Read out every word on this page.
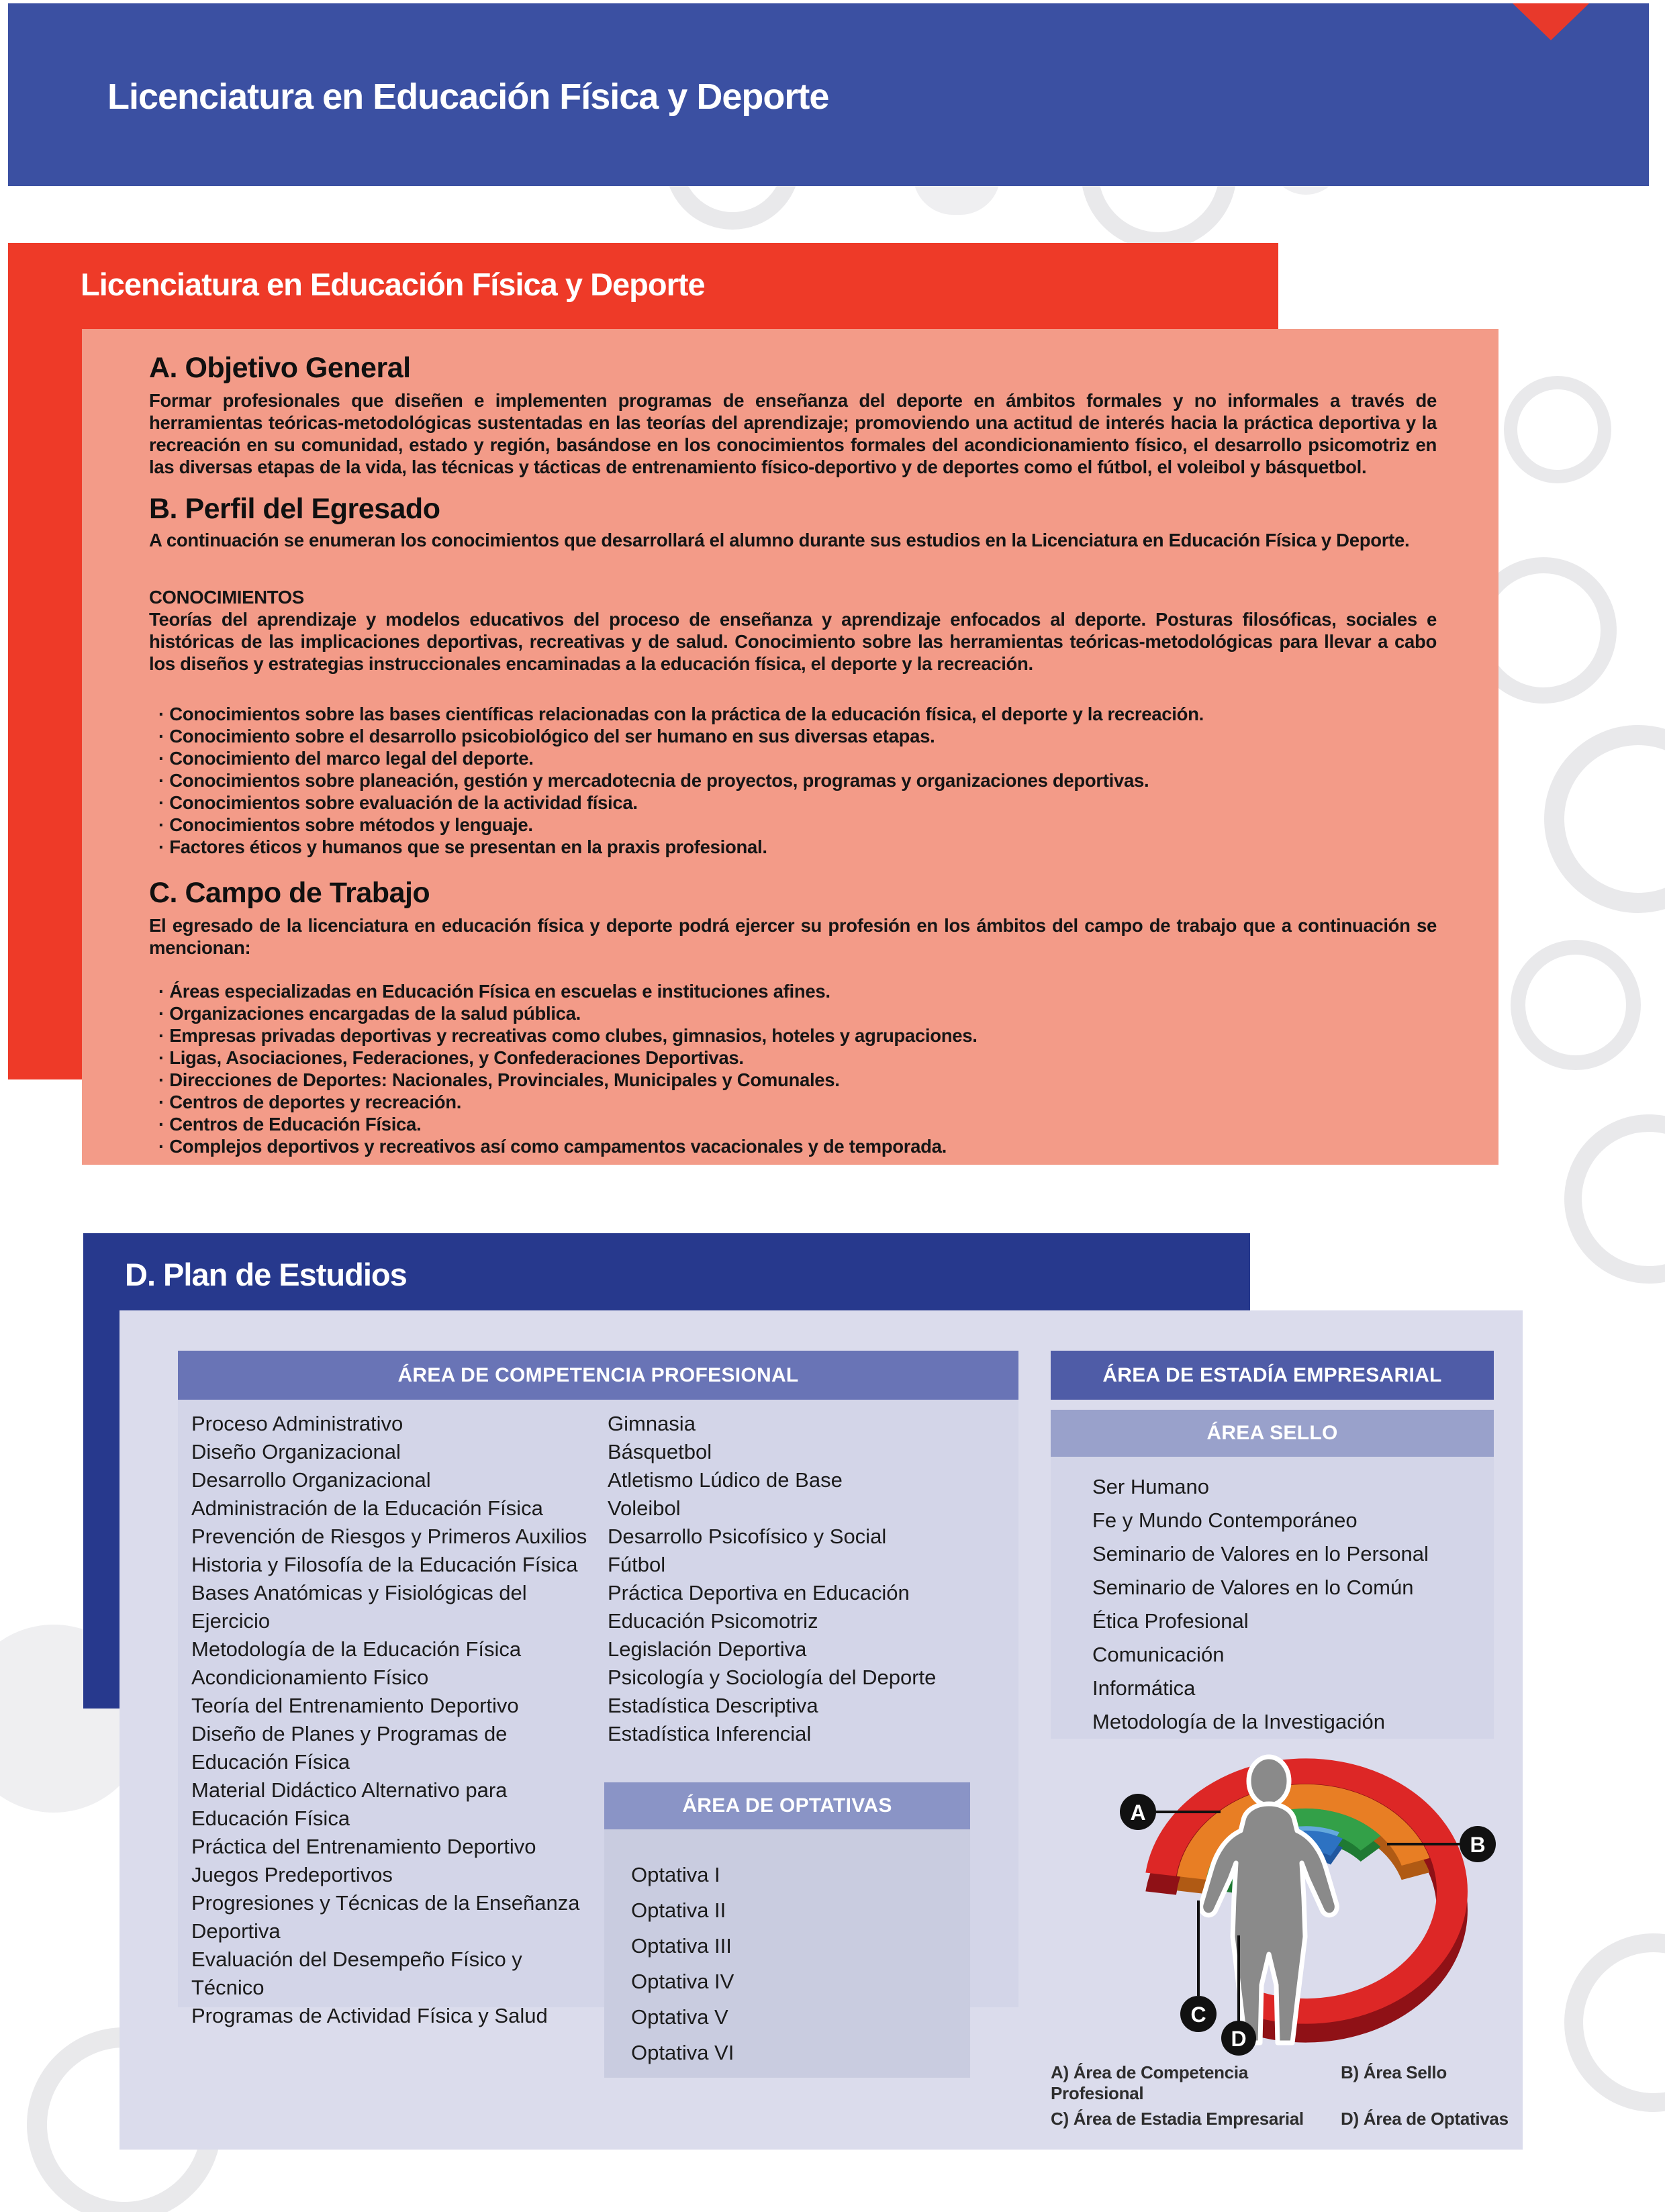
Licenciatura en Educación Física y Deporte
Licenciatura en Educación Física y Deporte
A. Objetivo General
Formar profesionales que diseñen e implementen programas de enseñanza del deporte en ámbitos formales y no informales a través de herramientas teóricas-metodológicas sustentadas en las teorías del aprendizaje; promoviendo una actitud de interés hacia la práctica deportiva y la recreación en su comunidad, estado y región, basándose en los conocimientos formales del acondicionamiento físico, el desarrollo psicomotriz en las diversas etapas de la vida, las técnicas y tácticas de entrenamiento físico-deportivo y de deportes como el fútbol, el voleibol y básquetbol.
B. Perfil del Egresado
A continuación se enumeran los conocimientos que desarrollará el alumno durante sus estudios en la Licenciatura en Educación Física y Deporte.
CONOCIMIENTOS
Teorías del aprendizaje y modelos educativos del proceso de enseñanza y aprendizaje enfocados al deporte. Posturas filosóficas, sociales e históricas de las implicaciones deportivas, recreativas y de salud. Conocimiento sobre las herramientas teóricas-metodológicas para llevar a cabo los diseños y estrategias instruccionales encaminadas a la educación física, el deporte y la recreación.
· Conocimientos sobre las bases científicas relacionadas con la práctica de la educación física, el deporte y la recreación.
· Conocimiento sobre el desarrollo psicobiológico del ser humano en sus diversas etapas.
· Conocimiento del marco legal del deporte.
· Conocimientos sobre planeación, gestión y mercadotecnia de proyectos, programas y organizaciones deportivas.
· Conocimientos sobre evaluación de la actividad física.
· Conocimientos sobre métodos y lenguaje.
· Factores éticos y humanos que se presentan en la praxis profesional.
C. Campo de Trabajo
El egresado de la licenciatura en educación física y deporte podrá ejercer su profesión en los ámbitos del campo de trabajo que a continuación se mencionan:
· Áreas especializadas en Educación Física en escuelas e instituciones afines.
· Organizaciones encargadas de la salud pública.
· Empresas privadas deportivas y recreativas como clubes, gimnasios, hoteles y agrupaciones.
· Ligas, Asociaciones, Federaciones, y Confederaciones Deportivas.
· Direcciones de Deportes: Nacionales, Provinciales, Municipales y Comunales.
· Centros de deportes y recreación.
· Centros de Educación Física.
· Complejos deportivos y recreativos así como campamentos vacacionales y de temporada.
D. Plan de Estudios
ÁREA DE COMPETENCIA PROFESIONAL
Proceso Administrativo
Diseño Organizacional
Desarrollo Organizacional
Administración de la Educación Física
Prevención de Riesgos y Primeros Auxilios
Historia y Filosofía de la Educación Física
Bases Anatómicas y Fisiológicas del Ejercicio
Metodología de la Educación Física
Acondicionamiento Físico
Teoría del Entrenamiento Deportivo
Diseño de Planes y Programas de Educación Física
Material Didáctico Alternativo para Educación Física
Práctica del Entrenamiento Deportivo
Juegos Predeportivos
Progresiones y Técnicas de la Enseñanza Deportiva
Evaluación del Desempeño Físico y Técnico
Programas de Actividad Física y Salud
Gimnasia
Básquetbol
Atletismo Lúdico de Base
Voleibol
Desarrollo Psicofísico y Social
Fútbol
Práctica Deportiva en Educación
Educación Psicomotriz
Legislación Deportiva
Psicología y Sociología del Deporte
Estadística Descriptiva
Estadística Inferencial
ÁREA DE OPTATIVAS
Optativa I
Optativa II
Optativa III
Optativa IV
Optativa V
Optativa VI
ÁREA DE ESTADÍA EMPRESARIAL
ÁREA SELLO
Ser Humano
Fe y Mundo Contemporáneo
Seminario de Valores en lo Personal
Seminario de Valores en lo Común
Ética Profesional
Comunicación
Informática
Metodología de la Investigación
A
B
C
D
A) Área de Competencia Profesional
B) Área Sello
C) Área de Estadia Empresarial	D) Área de Optativas
